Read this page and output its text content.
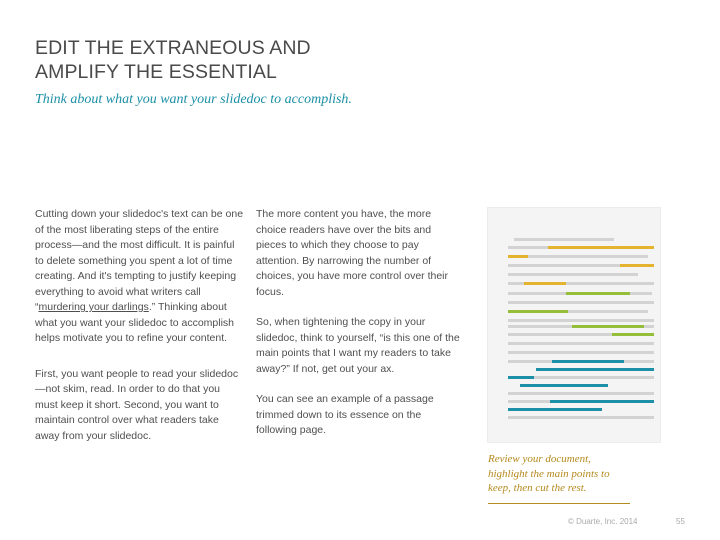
EDIT THE EXTRANEOUS AND
AMPLIFY THE ESSENTIAL
Think about what you want your slidedoc to accomplish.

Cutting down your slidedoc's text can be one of the most liberating steps of the entire process—and the most difficult. It is painful to delete something you spent a lot of time creating. And it's tempting to justify keeping everything to avoid what writers call “murdering your darlings.” Thinking about what you want your slidedoc to accomplish helps motivate you to refine your content.

First, you want people to read your slidedoc—not skim, read. In order to do that you must keep it short. Second, you want to maintain control over what readers take away from your slidedoc.

The more content you have, the more choice readers have over the bits and pieces to which they choose to pay attention. By narrowing the number of choices, you have more control over their focus.

So, when tightening the copy in your slidedoc, think to yourself, “is this one of the main points that I want my readers to take away?” If not, get out your ax.

You can see an example of a passage trimmed down to its essence on the following page.

Review your document,
highlight the main points to
keep, then cut the rest.
© Duarte, Inc. 2014	55
